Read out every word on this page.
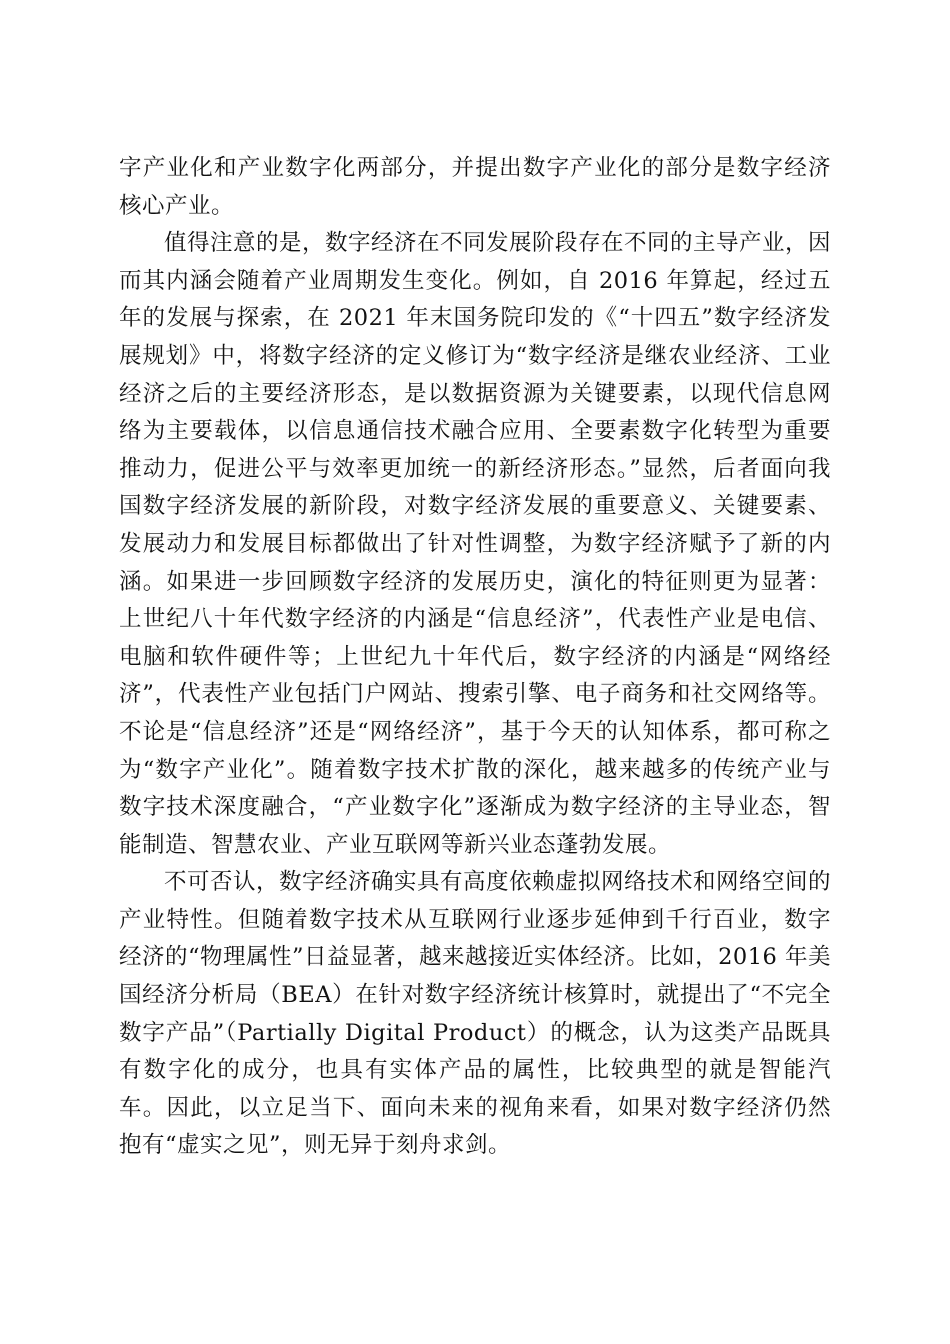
字产业化和产业数字化两部分，并提出数字产业化的部分是数字经济核心产业。

值得注意的是，数字经济在不同发展阶段存在不同的主导产业，因而其内涵会随着产业周期发生变化。例如，自 2016 年算起，经过五年的发展与探索，在 2021 年末国务院印发的《“十四五”数字经济发展规划》中，将数字经济的定义修订为“数字经济是继农业经济、工业经济之后的主要经济形态，是以数据资源为关键要素，以现代信息网络为主要载体，以信息通信技术融合应用、全要素数字化转型为重要推动力，促进公平与效率更加统一的新经济形态。”显然，后者面向我国数字经济发展的新阶段，对数字经济发展的重要意义、关键要素、发展动力和发展目标都做出了针对性调整，为数字经济赋予了新的内涵。如果进一步回顾数字经济的发展历史，演化的特征则更为显著：上世纪八十年代数字经济的内涵是“信息经济”，代表性产业是电信、电脑和软件硬件等；上世纪九十年代后，数字经济的内涵是“网络经济”，代表性产业包括门户网站、搜索引擎、电子商务和社交网络等。不论是“信息经济”还是“网络经济”，基于今天的认知体系，都可称之为“数字产业化”。随着数字技术扩散的深化，越来越多的传统产业与数字技术深度融合，“产业数字化”逐渐成为数字经济的主导业态，智能制造、智慧农业、产业互联网等新兴业态蓬勃发展。

不可否认，数字经济确实具有高度依赖虚拟网络技术和网络空间的产业特性。但随着数字技术从互联网行业逐步延伸到千行百业，数字经济的“物理属性”日益显著，越来越接近实体经济。比如，2016 年美国经济分析局（BEA）在针对数字经济统计核算时，就提出了“不完全数字产品”（Partially Digital Product）的概念，认为这类产品既具有数字化的成分，也具有实体产品的属性，比较典型的就是智能汽车。因此，以立足当下、面向未来的视角来看，如果对数字经济仍然抱有“虚实之见”，则无异于刻舟求剑。
